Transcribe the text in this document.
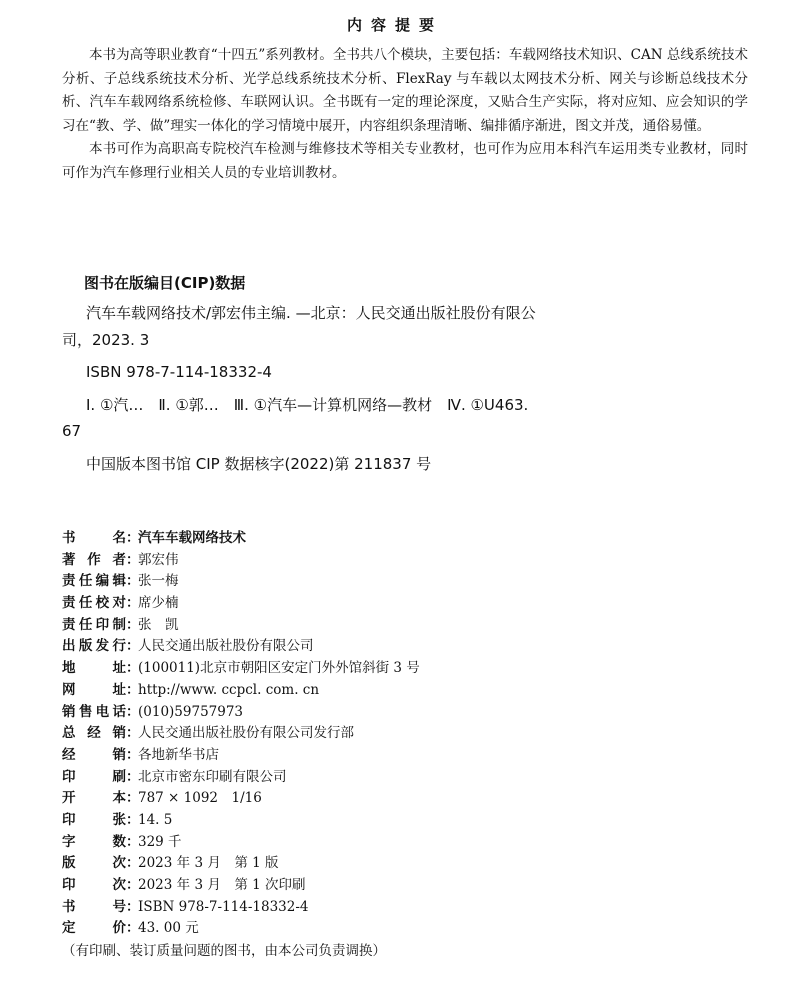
内容提要

本书为高等职业教育“十四五”系列教材。全书共八个模块，主要包括：车载网络技术知识、CAN 总线系统技术分析、子总线系统技术分析、光学总线系统技术分析、FlexRay 与车载以太网技术分析、网关与诊断总线技术分析、汽车车载网络系统检修、车联网认识。全书既有一定的理论深度，又贴合生产实际，将对应知、应会知识的学习在“教、学、做”理实一体化的学习情境中展开，内容组织条理清晰、编排循序渐进，图文并茂，通俗易懂。

本书可作为高职高专院校汽车检测与维修技术等相关专业教材，也可作为应用本科汽车运用类专业教材，同时可作为汽车修理行业相关人员的专业培训教材。

图书在版编目(CIP)数据

汽车车载网络技术/郭宏伟主编. —北京：人民交通出版社股份有限公司，2023. 3

ISBN 978-7-114-18332-4

Ⅰ. ①汽…　Ⅱ. ①郭…　Ⅲ. ①汽车—计算机网络—教材　Ⅳ. ①U463. 67

中国版本图书馆 CIP 数据核字(2022)第 211837 号

书名 ：
汽车车载网络技术
著作者 ：
郭宏伟
责任编辑 ：
张一梅
责任校对 ：
席少楠
责任印制 ：
张　凯
出版发行 ：
人民交通出版社股份有限公司
地址 ：
(100011)北京市朝阳区安定门外外馆斜街 3 号
网址 ：
http://www. ccpcl. com. cn
销售电话 ：
(010)59757973
总经销 ：
人民交通出版社股份有限公司发行部
经销 ：
各地新华书店
印刷 ：
北京市密东印刷有限公司
开本 ：
787 × 1092　1/16
印张 ：
14. 5
字数 ：
329 千
版次 ：
2023 年 3 月　第 1 版
印次 ：
2023 年 3 月　第 1 次印刷
书号 ：
ISBN 978-7-114-18332-4
定价 ：
43. 00 元
（有印刷、装订质量问题的图书，由本公司负责调换）
